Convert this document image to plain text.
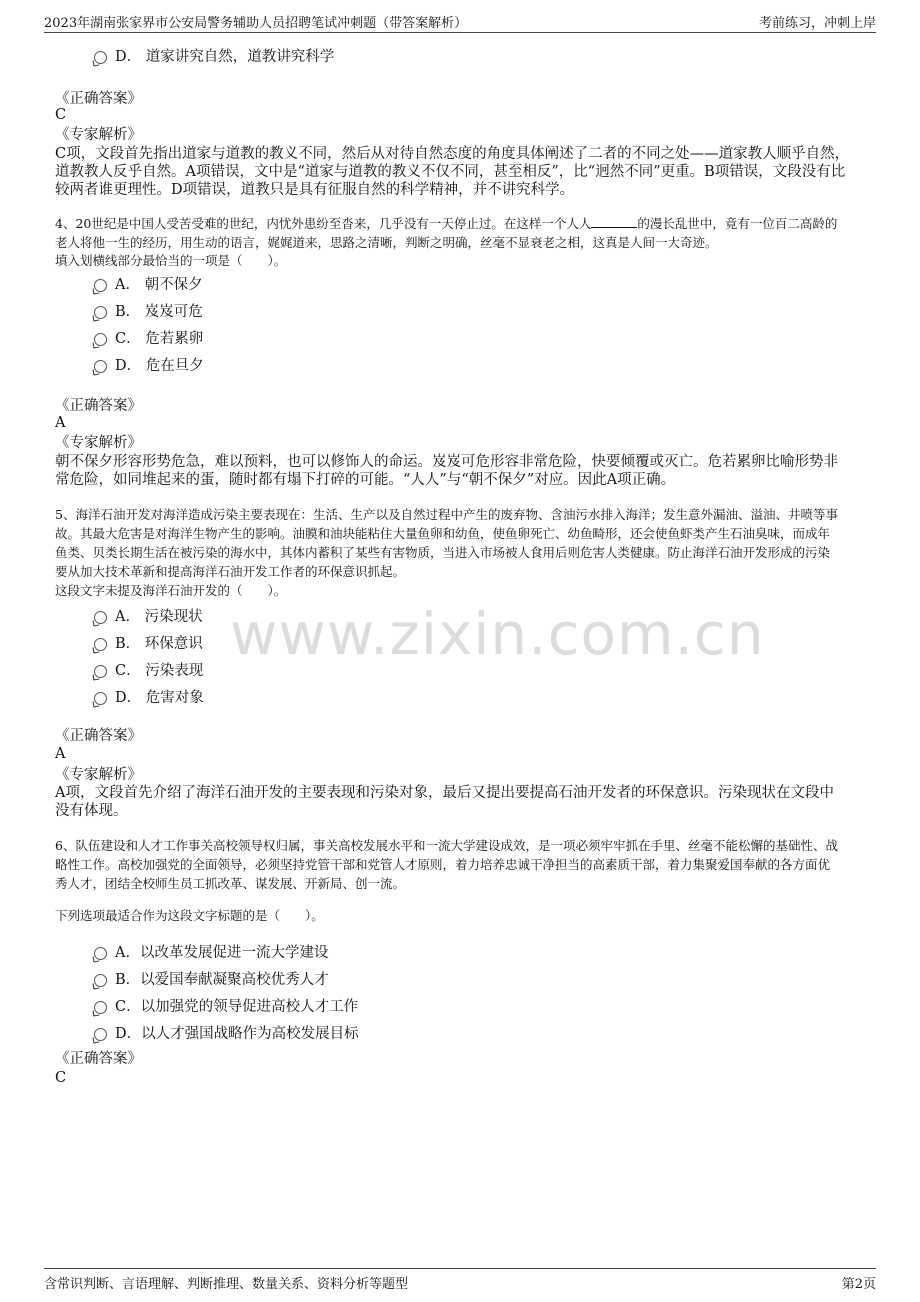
2023年湖南张家界市公安局警务辅助人员招聘笔试冲刺题（带答案解析）	考前练习，冲刺上岸
www.zixin.com.cn
D． 道家讲究自然，道教讲究科学
《正确答案》
C
《专家解析》
C项，文段首先指出道家与道教的教义不同，然后从对待自然态度的角度具体阐述了二者的不同之处——道家教人顺乎自然，
道教教人反乎自然。A项错误，文中是“道家与道教的教义不仅不同，甚至相反”，比“迥然不同”更重。B项错误，文段没有比
较两者谁更理性。D项错误，道教只是具有征服自然的科学精神，并不讲究科学。
4、20世纪是中国人受苦受难的世纪，内忧外患纷至沓来，几乎没有一天停止过。在这样一个人人	的漫长乱世中，竟有一位百二高龄的
老人将他一生的经历，用生动的语言，娓娓道来，思路之清晰，判断之明确，丝毫不显衰老之相，这真是人间一大奇迹。
填入划横线部分最恰当的一项是（　　）。
A． 朝不保夕
B． 岌岌可危
C． 危若累卵
D． 危在旦夕
《正确答案》
A
《专家解析》
朝不保夕形容形势危急，难以预料，也可以修饰人的命运。岌岌可危形容非常危险，快要倾覆或灭亡。危若累卵比喻形势非
常危险，如同堆起来的蛋，随时都有塌下打碎的可能。“人人”与“朝不保夕”对应。因此A项正确。
5、海洋石油开发对海洋造成污染主要表现在：生活、生产以及自然过程中产生的废弃物、含油污水排入海洋；发生意外漏油、溢油、井喷等事
故。其最大危害是对海洋生物产生的影响。油膜和油块能粘住大量鱼卵和幼鱼，使鱼卵死亡、幼鱼畸形，还会使鱼虾类产生石油臭味，而成年
鱼类、贝类长期生活在被污染的海水中，其体内蓄积了某些有害物质，当进入市场被人食用后则危害人类健康。防止海洋石油开发形成的污染
要从加大技术革新和提高海洋石油开发工作者的环保意识抓起。
这段文字未提及海洋石油开发的（　　）。
A． 污染现状
B． 环保意识
C． 污染表现
D． 危害对象
《正确答案》
A
《专家解析》
A项，文段首先介绍了海洋石油开发的主要表现和污染对象，最后又提出要提高石油开发者的环保意识。污染现状在文段中
没有体现。
6、队伍建设和人才工作事关高校领导权归属，事关高校发展水平和一流大学建设成效，是一项必须牢牢抓在手里、丝毫不能松懈的基础性、战
略性工作。高校加强党的全面领导，必须坚持党管干部和党管人才原则，着力培养忠诚干净担当的高素质干部，着力集聚爱国奉献的各方面优
秀人才，团结全校师生员工抓改革、谋发展、开新局、创一流。
下列选项最适合作为这段文字标题的是（　　）。
A．以改革发展促进一流大学建设
B．以爱国奉献凝聚高校优秀人才
C．以加强党的领导促进高校人才工作
D．以人才强国战略作为高校发展目标
《正确答案》
C
含常识判断、言语理解、判断推理、数量关系、资料分析等题型	第2页
